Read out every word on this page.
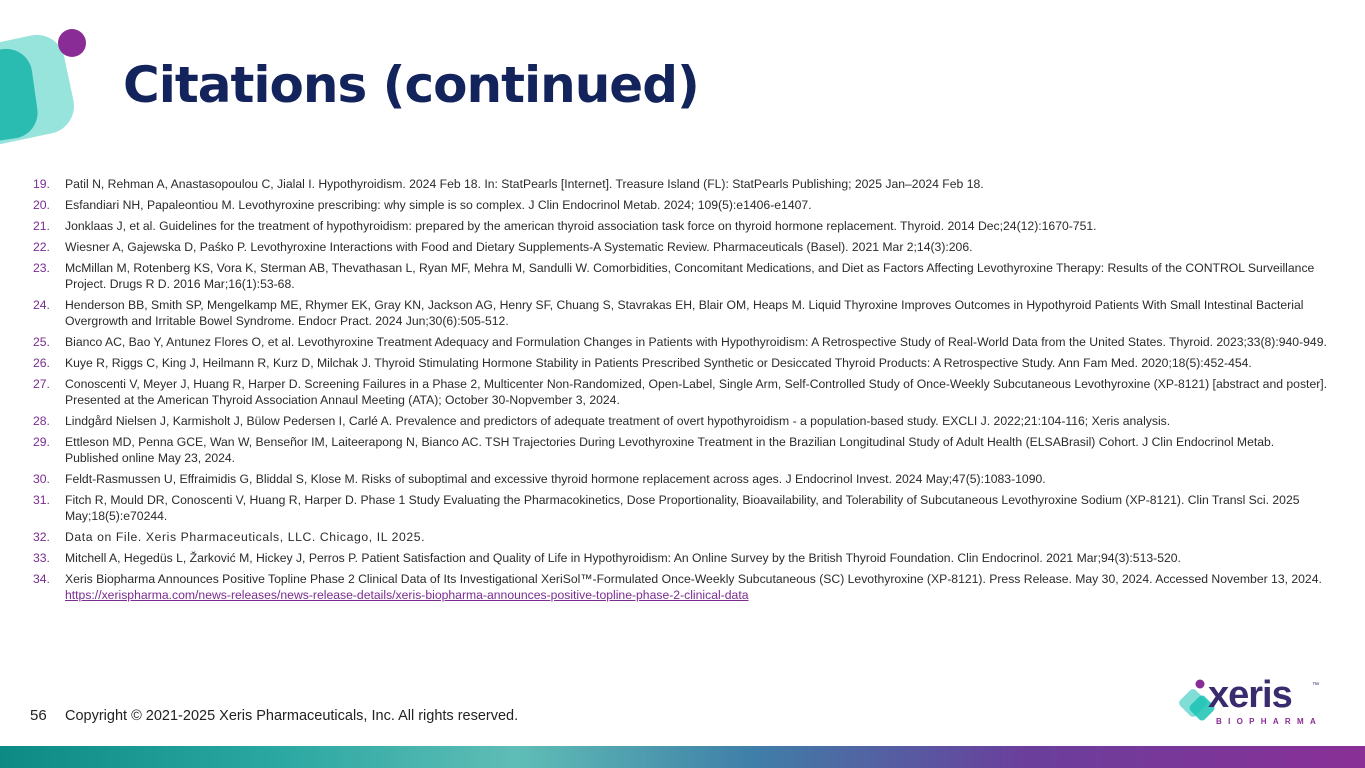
Citations (continued)
19.	Patil N, Rehman A, Anastasopoulou C, Jialal I. Hypothyroidism. 2024 Feb 18. In: StatPearls [Internet]. Treasure Island (FL): StatPearls Publishing; 2025 Jan–2024 Feb 18.
20.	Esfandiari NH, Papaleontiou M. Levothyroxine prescribing: why simple is so complex. J Clin Endocrinol Metab. 2024; 109(5):e1406-e1407.
21.	Jonklaas J, et al. Guidelines for the treatment of hypothyroidism: prepared by the american thyroid association task force on thyroid hormone replacement. Thyroid. 2014 Dec;24(12):1670-751.
22.	Wiesner A, Gajewska D, Paśko P. Levothyroxine Interactions with Food and Dietary Supplements-A Systematic Review. Pharmaceuticals (Basel). 2021 Mar 2;14(3):206.
23.	McMillan M, Rotenberg KS, Vora K, Sterman AB, Thevathasan L, Ryan MF, Mehra M, Sandulli W. Comorbidities, Concomitant Medications, and Diet as Factors Affecting Levothyroxine Therapy: Results of the CONTROL Surveillance Project. Drugs R D. 2016 Mar;16(1):53-68.
24.	Henderson BB, Smith SP, Mengelkamp ME, Rhymer EK, Gray KN, Jackson AG, Henry SF, Chuang S, Stavrakas EH, Blair OM, Heaps M. Liquid Thyroxine Improves Outcomes in Hypothyroid Patients With Small Intestinal Bacterial Overgrowth and Irritable Bowel Syndrome. Endocr Pract. 2024 Jun;30(6):505-512.
25.	Bianco AC, Bao Y, Antunez Flores O, et al. Levothyroxine Treatment Adequacy and Formulation Changes in Patients with Hypothyroidism: A Retrospective Study of Real-World Data from the United States. Thyroid. 2023;33(8):940-949.
26.	Kuye R, Riggs C, King J, Heilmann R, Kurz D, Milchak J. Thyroid Stimulating Hormone Stability in Patients Prescribed Synthetic or Desiccated Thyroid Products: A Retrospective Study. Ann Fam Med. 2020;18(5):452-454.
27.	Conoscenti V, Meyer J, Huang R, Harper D. Screening Failures in a Phase 2, Multicenter Non-Randomized, Open-Label, Single Arm, Self-Controlled Study of Once-Weekly Subcutaneous Levothyroxine (XP-8121) [abstract and poster]. Presented at the American Thyroid Association Annaul Meeting (ATA); October 30-Nopvember 3, 2024.
28.	Lindgård Nielsen J, Karmisholt J, Bülow Pedersen I, Carlé A. Prevalence and predictors of adequate treatment of overt hypothyroidism - a population-based study. EXCLI J. 2022;21:104-116; Xeris analysis.
29.	Ettleson MD, Penna GCE, Wan W, Benseñor IM, Laiteerapong N, Bianco AC. TSH Trajectories During Levothyroxine Treatment in the Brazilian Longitudinal Study of Adult Health (ELSABrasil) Cohort. J Clin Endocrinol Metab. Published online May 23, 2024.
30.	Feldt-Rasmussen U, Effraimidis G, Bliddal S, Klose M. Risks of suboptimal and excessive thyroid hormone replacement across ages. J Endocrinol Invest. 2024 May;47(5):1083-1090.
31.	Fitch R, Mould DR, Conoscenti V, Huang R, Harper D. Phase 1 Study Evaluating the Pharmacokinetics, Dose Proportionality, Bioavailability, and Tolerability of Subcutaneous Levothyroxine Sodium (XP-8121). Clin Transl Sci. 2025 May;18(5):e70244.
32.	Data on File. Xeris Pharmaceuticals, LLC. Chicago, IL 2025.
33.	Mitchell A, Hegedüs L, Žarković M, Hickey J, Perros P. Patient Satisfaction and Quality of Life in Hypothyroidism: An Online Survey by the British Thyroid Foundation. Clin Endocrinol. 2021 Mar;94(3):513-520.
34.	Xeris Biopharma Announces Positive Topline Phase 2 Clinical Data of Its Investigational XeriSol™-Formulated Once-Weekly Subcutaneous (SC) Levothyroxine (XP-8121). Press Release. May 30, 2024. Accessed November 13, 2024. https://xerispharma.com/news-releases/news-release-details/xeris-biopharma-announces-positive-topline-phase-2-clinical-data
56 Copyright © 2021-2025 Xeris Pharmaceuticals, Inc. All rights reserved.	xeris	™
BIOPHARMA
